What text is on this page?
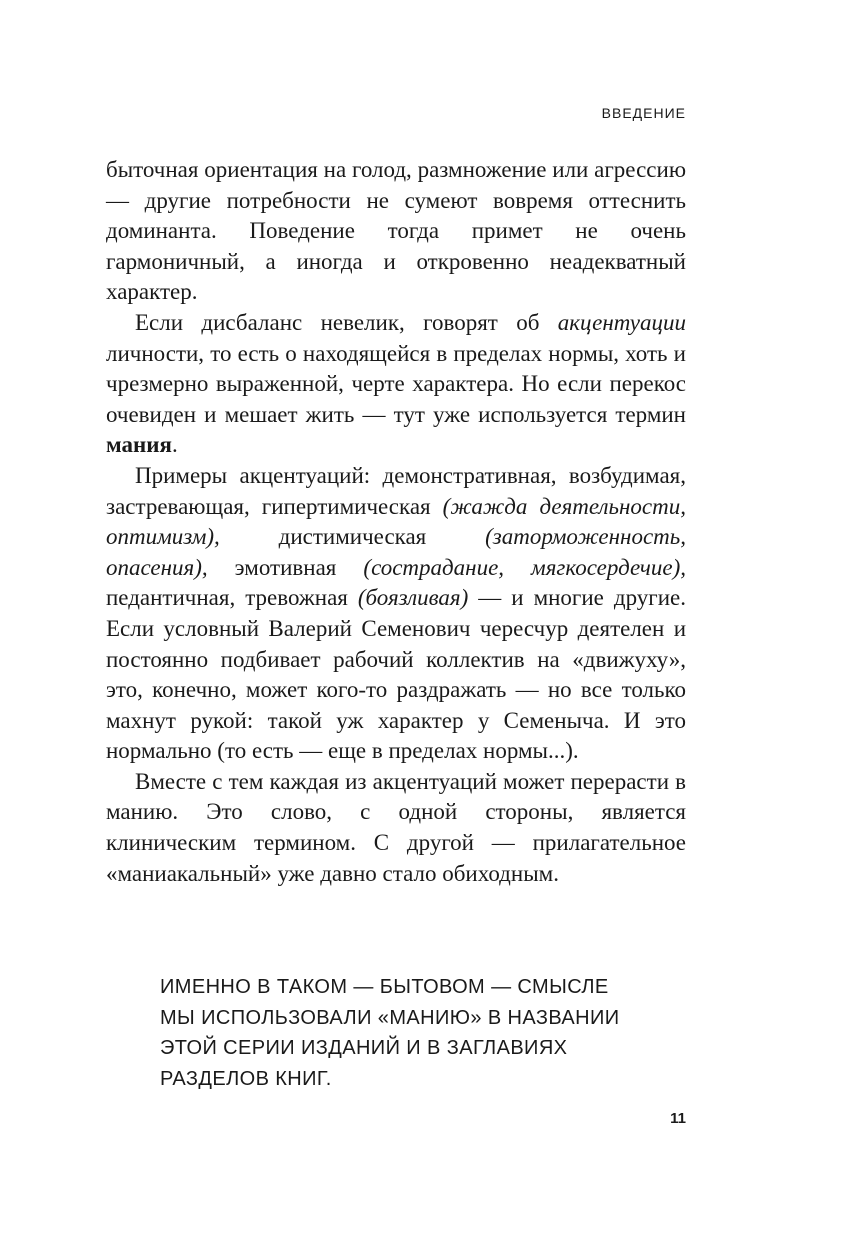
ВВЕДЕНИЕ

быточная ориентация на голод, размножение или агрессию — другие потребности не сумеют вовремя оттеснить доминанта. Поведение тогда примет не очень гармоничный, а иногда и откровенно неадекватный характер.

Если дисбаланс невелик, говорят об акцентуации личности, то есть о находящейся в пределах нормы, хоть и чрезмерно выраженной, черте характера. Но если перекос очевиден и мешает жить — тут уже используется термин мания.

Примеры акцентуаций: демонстративная, возбудимая, застревающая, гипертимическая (жажда деятельности, оптимизм), дистимическая (заторможенность, опасения), эмотивная (сострадание, мягкосердечие), педантичная, тревожная (боязливая) — и многие другие. Если условный Валерий Семенович чересчур деятелен и постоянно подбивает рабочий коллектив на «движуху», это, конечно, может кого-то раздражать — но все только махнут рукой: такой уж характер у Семеныча. И это нормально (то есть — еще в пределах нормы...).

Вместе с тем каждая из акцентуаций может перерасти в манию. Это слово, с одной стороны, является клиническим термином. С другой — прилагательное «маниакальный» уже давно стало обиходным.

ИМЕННО В ТАКОМ — БЫТОВОМ — СМЫСЛЕ
МЫ ИСПОЛЬЗОВАЛИ «МАНИЮ» В НАЗВАНИИ
ЭТОЙ СЕРИИ ИЗДАНИЙ И В ЗАГЛАВИЯХ
РАЗДЕЛОВ КНИГ.
11
